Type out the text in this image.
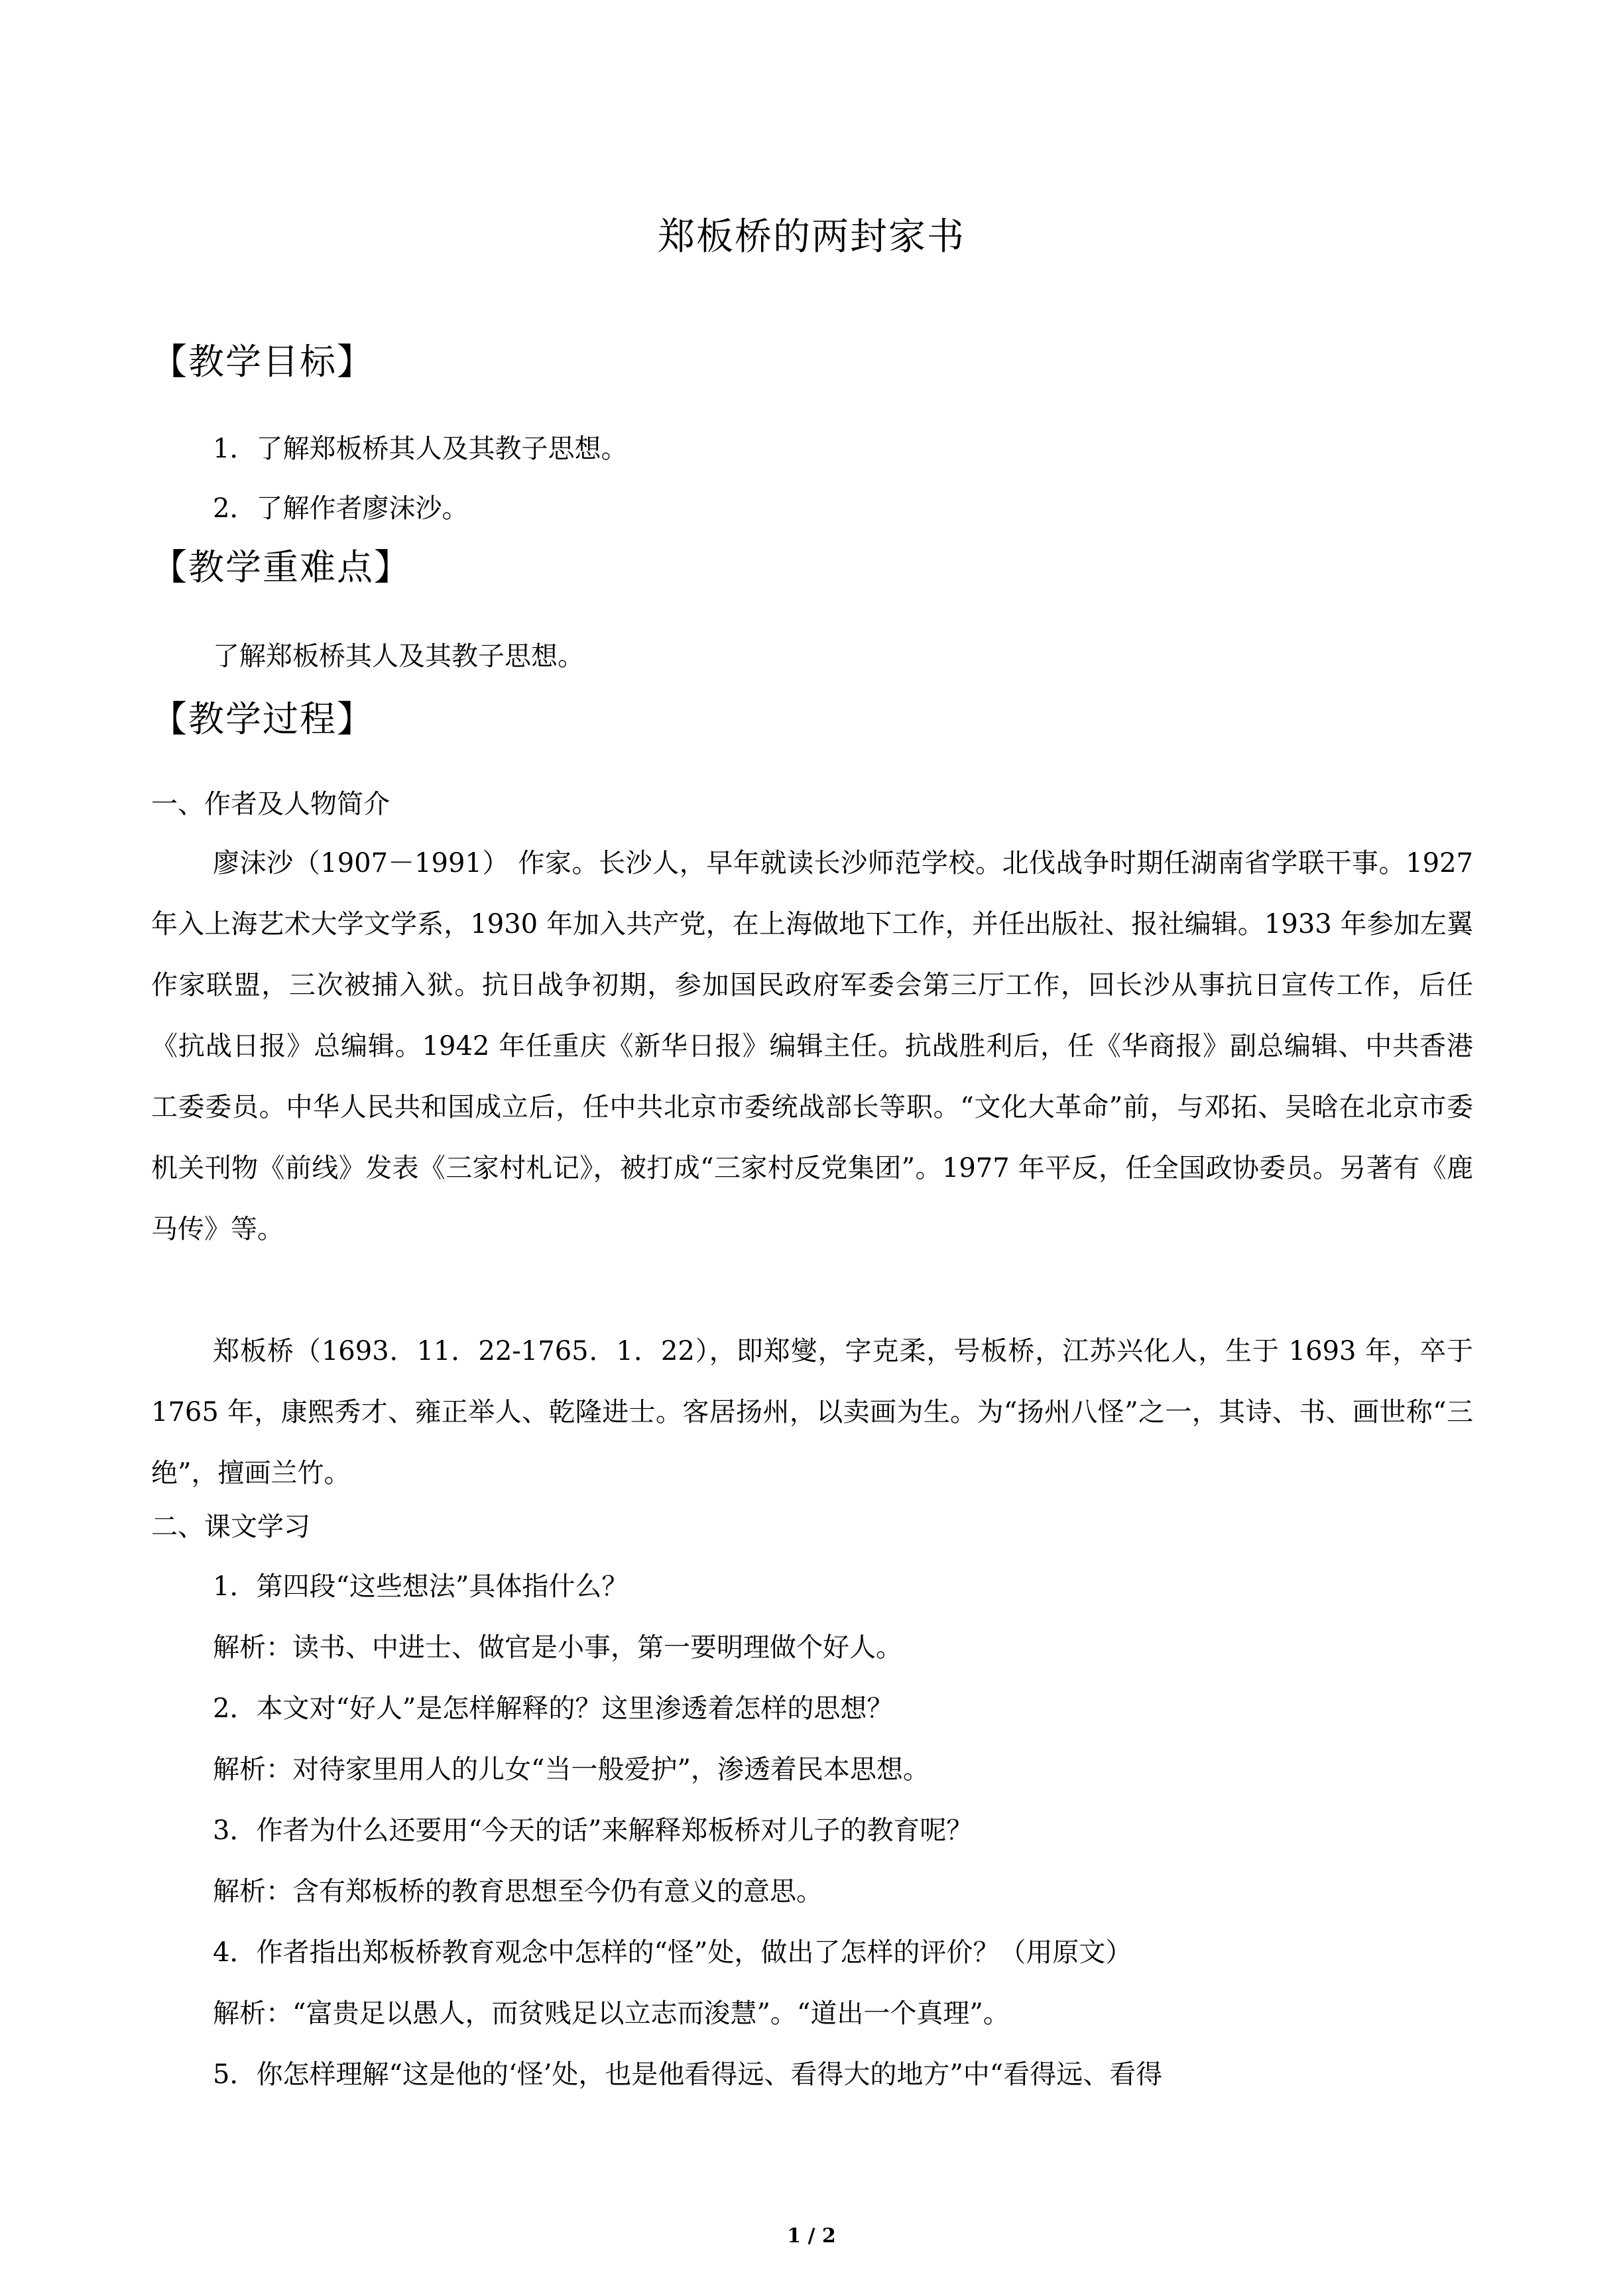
郑板桥的两封家书
【教学目标】
1．了解郑板桥其人及其教子思想。
2．了解作者廖沫沙。
【教学重难点】
了解郑板桥其人及其教子思想。
【教学过程】
一、作者及人物简介
廖沫沙（1907－1991） 作家。长沙人，早年就读长沙师范学校。北伐战争时期任湖南省学联干事。1927 年入上海艺术大学文学系，1930 年加入共产党，在上海做地下工作，并任出版社、报社编辑。1933 年参加左翼作家联盟，三次被捕入狱。抗日战争初期，参加国民政府军委会第三厅工作，回长沙从事抗日宣传工作，后任《抗战日报》总编辑。1942 年任重庆《新华日报》编辑主任。抗战胜利后，任《华商报》副总编辑、中共香港工委委员。中华人民共和国成立后，任中共北京市委统战部长等职。“文化大革命”前，与邓拓、吴晗在北京市委机关刊物《前线》发表《三家村札记》，被打成“三家村反党集团”。1977 年平反，任全国政协委员。另著有《鹿马传》等。
郑板桥（1693．11．22-1765．1．22），即郑燮，字克柔，号板桥，江苏兴化人，生于 1693 年，卒于 1765 年，康熙秀才、雍正举人、乾隆进士。客居扬州，以卖画为生。为“扬州八怪”之一，其诗、书、画世称“三绝”，擅画兰竹。
二、课文学习
1．第四段“这些想法”具体指什么？
解析：读书、中进士、做官是小事，第一要明理做个好人。
2．本文对“好人”是怎样解释的？这里渗透着怎样的思想？
解析：对待家里用人的儿女“当一般爱护”，渗透着民本思想。
3．作者为什么还要用“今天的话”来解释郑板桥对儿子的教育呢？
解析：含有郑板桥的教育思想至今仍有意义的意思。
4．作者指出郑板桥教育观念中怎样的“怪”处，做出了怎样的评价？（用原文）
解析：“富贵足以愚人，而贫贱足以立志而浚慧”。“道出一个真理”。
5．你怎样理解“这是他的‘怪’处，也是他看得远、看得大的地方”中“看得远、看得
1 / 2
